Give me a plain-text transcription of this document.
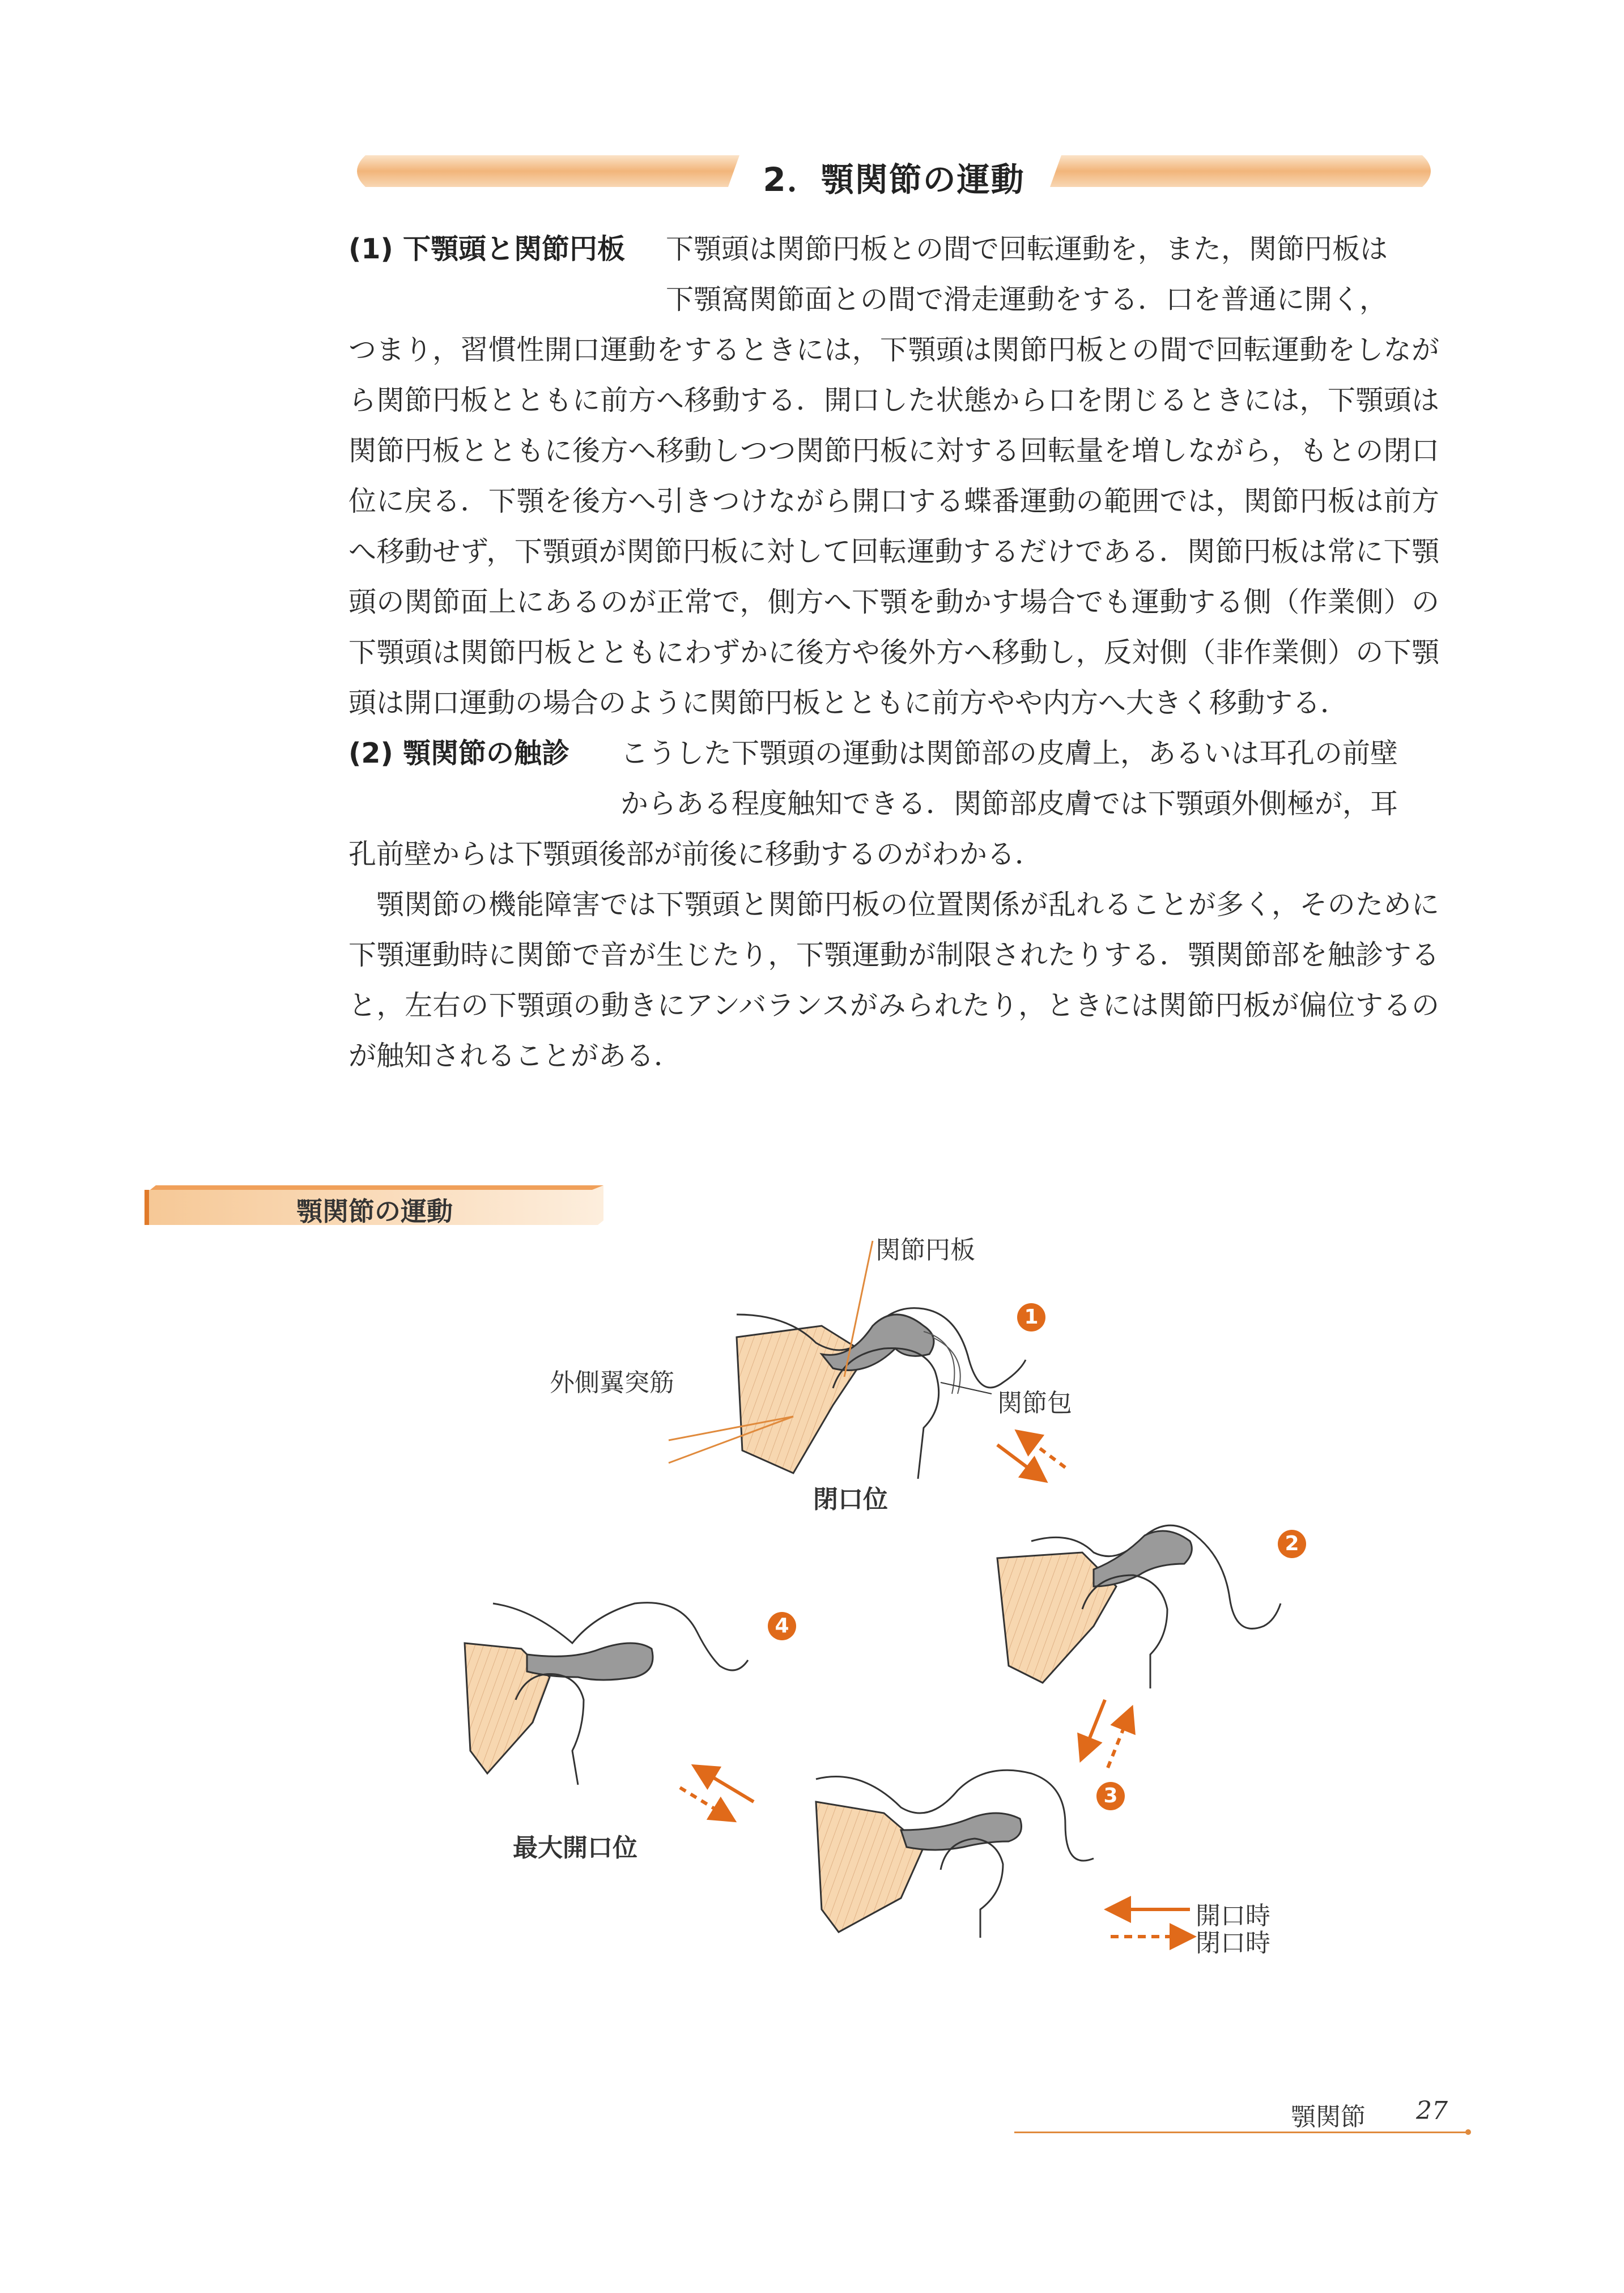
2．顎関節の運動
(1) 下顎頭と関節円板	下顎頭は関節円板との間で回転運動を，また，関節円板は
下顎窩関節面との間で滑走運動をする．口を普通に開く，
つまり，習慣性開口運動をするときには，下顎頭は関節円板との間で回転運動をしながら関節円板とともに前方へ移動する．開口した状態から口を閉じるときには，下顎頭は関節円板とともに後方へ移動しつつ関節円板に対する回転量を増しながら，もとの閉口位に戻る．下顎を後方へ引きつけながら開口する蝶番運動の範囲では，関節円板は前方へ移動せず，下顎頭が関節円板に対して回転運動するだけである．関節円板は常に下顎頭の関節面上にあるのが正常で，側方へ下顎を動かす場合でも運動する側（作業側）の下顎頭は関節円板とともにわずかに後方や後外方へ移動し，反対側（非作業側）の下顎頭は開口運動の場合のように関節円板とともに前方やや内方へ大きく移動する．
(2) 顎関節の触診	こうした下顎頭の運動は関節部の皮膚上，あるいは耳孔の前壁
からある程度触知できる．関節部皮膚では下顎頭外側極が，耳
孔前壁からは下顎頭後部が前後に移動するのがわかる．
顎関節の機能障害では下顎頭と関節円板の位置関係が乱れることが多く，そのために下顎運動時に関節で音が生じたり，下顎運動が制限されたりする．顎関節部を触診すると，左右の下顎頭の動きにアンバランスがみられたり，ときには関節円板が偏位するのが触知されることがある．
顎関節の運動
関節円板
外側翼突筋
関節包
閉口位
最大開口位
1
2
3
4
開口時
閉口時
顎関節 27
